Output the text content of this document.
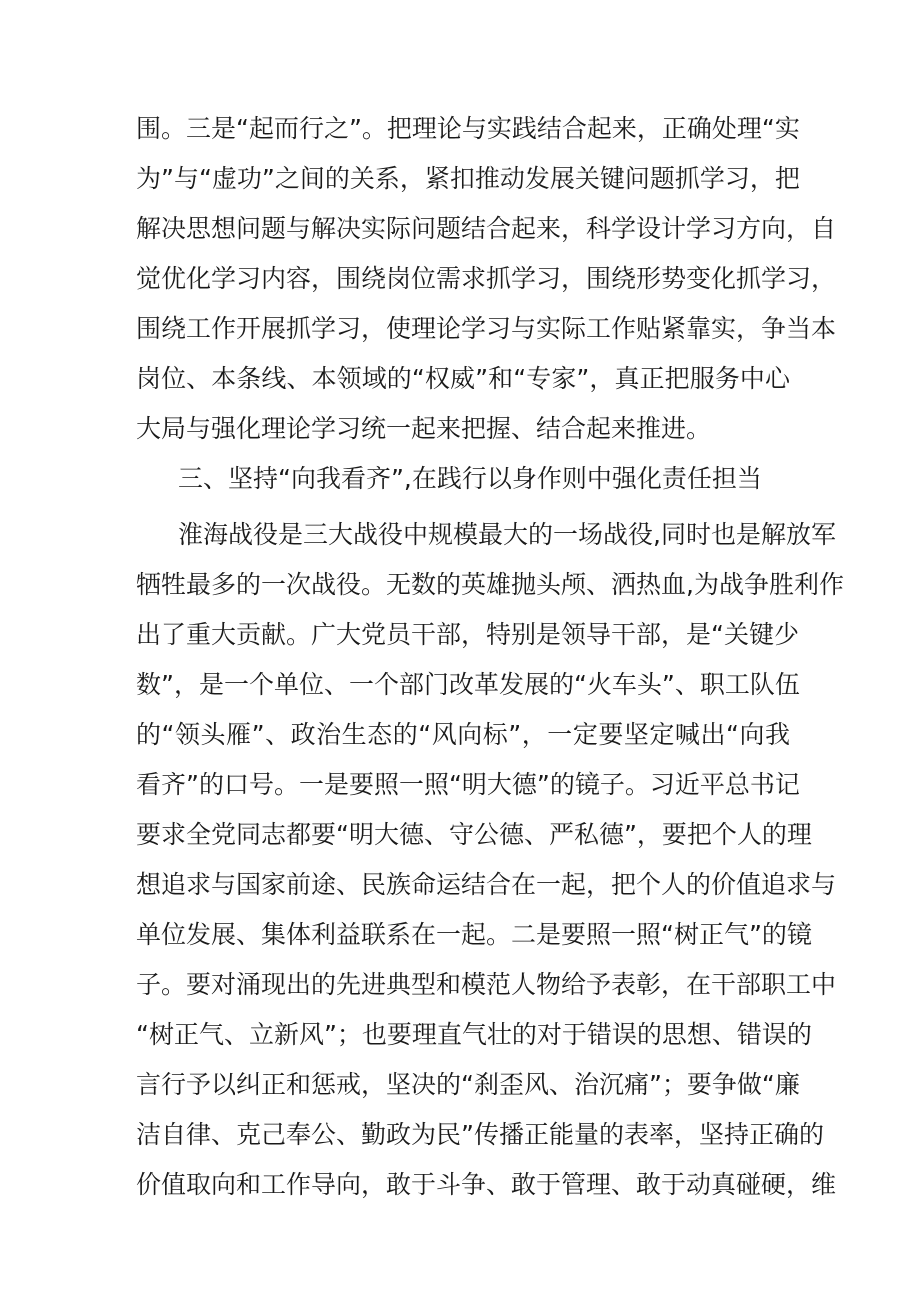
围。三是“起而行之”。把理论与实践结合起来，正确处理“实
为”与“虚功”之间的关系，紧扣推动发展关键问题抓学习，把
解决思想问题与解决实际问题结合起来，科学设计学习方向，自
觉优化学习内容，围绕岗位需求抓学习，围绕形势变化抓学习，
围绕工作开展抓学习，使理论学习与实际工作贴紧靠实，争当本
岗位、本条线、本领域的“权威”和“专家”，真正把服务中心
大局与强化理论学习统一起来把握、结合起来推进。
三、坚持“向我看齐”,在践行以身作则中强化责任担当
淮海战役是三大战役中规模最大的一场战役,同时也是解放军
牺牲最多的一次战役。无数的英雄抛头颅、洒热血,为战争胜利作
出了重大贡献。广大党员干部，特别是领导干部，是“关键少
数”，是一个单位、一个部门改革发展的“火车头”、职工队伍
的“领头雁”、政治生态的“风向标”，一定要坚定喊出“向我
看齐”的口号。一是要照一照“明大德”的镜子。习近平总书记
要求全党同志都要“明大德、守公德、严私德”，要把个人的理
想追求与国家前途、民族命运结合在一起，把个人的价值追求与
单位发展、集体利益联系在一起。二是要照一照“树正气”的镜
子。要对涌现出的先进典型和模范人物给予表彰，在干部职工中
“树正气、立新风”；也要理直气壮的对于错误的思想、错误的
言行予以纠正和惩戒，坚决的“刹歪风、治沉痛”；要争做“廉
洁自律、克己奉公、勤政为民”传播正能量的表率，坚持正确的
价值取向和工作导向，敢于斗争、敢于管理、敢于动真碰硬，维
